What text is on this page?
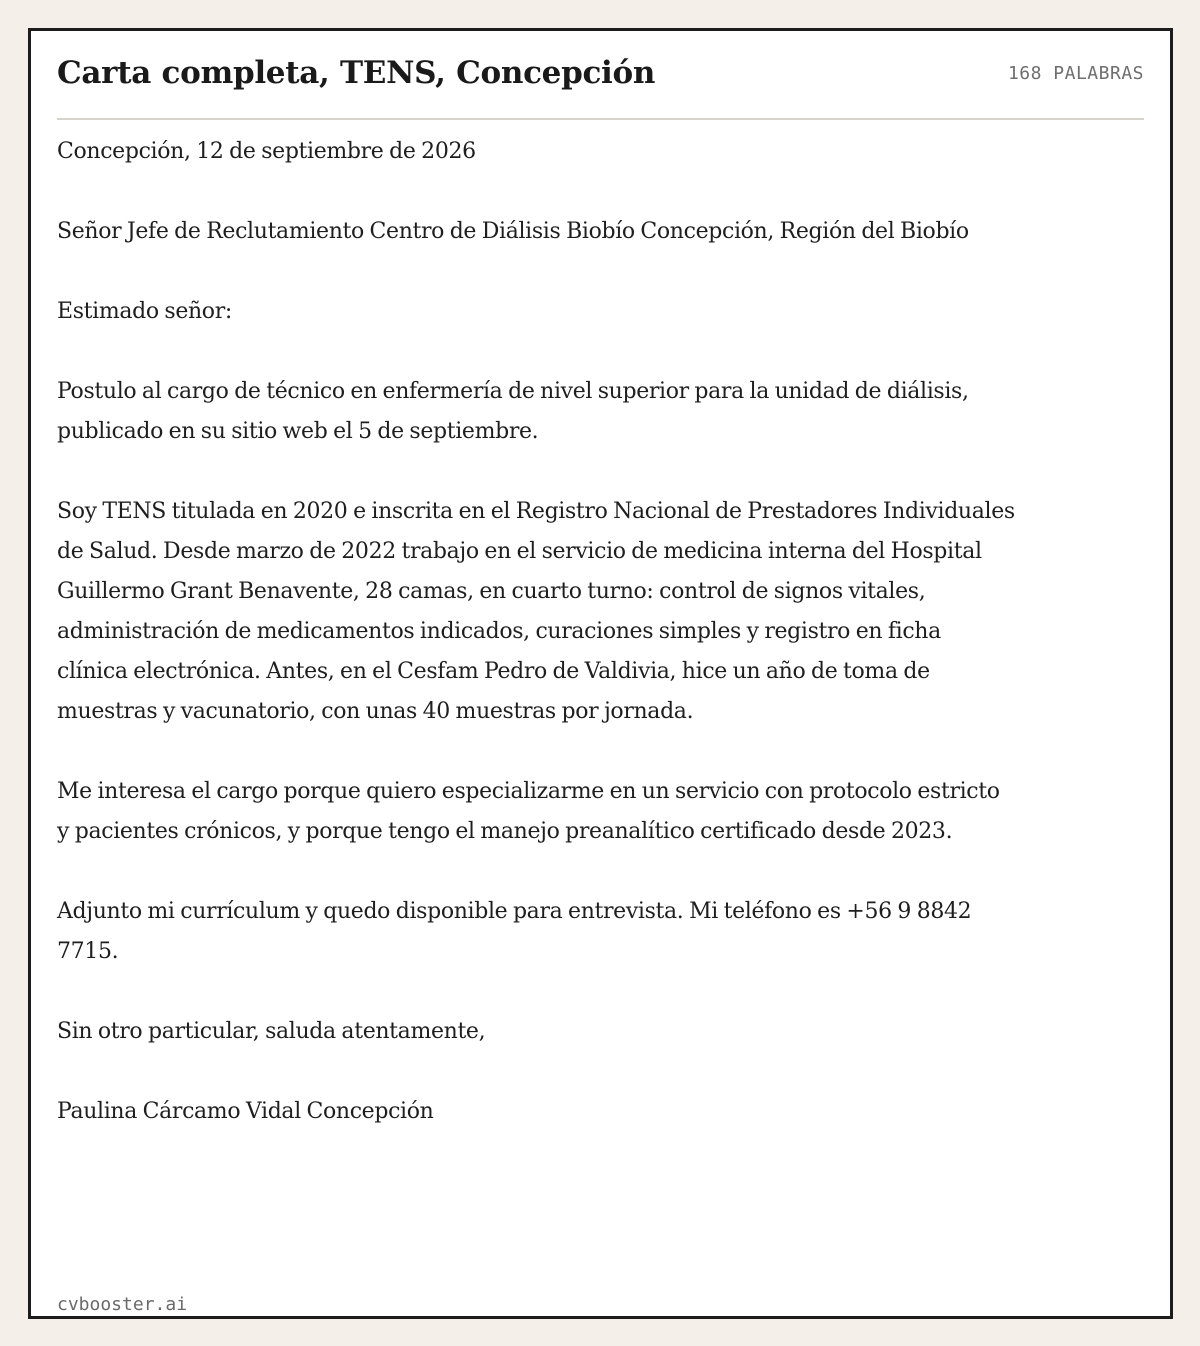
Carta completa, TENS, Concepción	168 PALABRAS

Concepción, 12 de septiembre de 2026

Señor Jefe de Reclutamiento Centro de Diálisis Biobío Concepción, Región del Biobío

Estimado señor:

Postulo al cargo de técnico en enfermería de nivel superior para la unidad de diálisis, publicado en su sitio web el 5 de septiembre.

Soy TENS titulada en 2020 e inscrita en el Registro Nacional de Prestadores Individuales de Salud. Desde marzo de 2022 trabajo en el servicio de medicina interna del Hospital Guillermo Grant Benavente, 28 camas, en cuarto turno: control de signos vitales, administración de medicamentos indicados, curaciones simples y registro en ficha clínica electrónica. Antes, en el Cesfam Pedro de Valdivia, hice un año de toma de muestras y vacunatorio, con unas 40 muestras por jornada.

Me interesa el cargo porque quiero especializarme en un servicio con protocolo estricto y pacientes crónicos, y porque tengo el manejo preanalítico certificado desde 2023.

Adjunto mi currículum y quedo disponible para entrevista. Mi teléfono es +56 9 8842 7715.

Sin otro particular, saluda atentamente,

Paulina Cárcamo Vidal Concepción

cvbooster.ai
